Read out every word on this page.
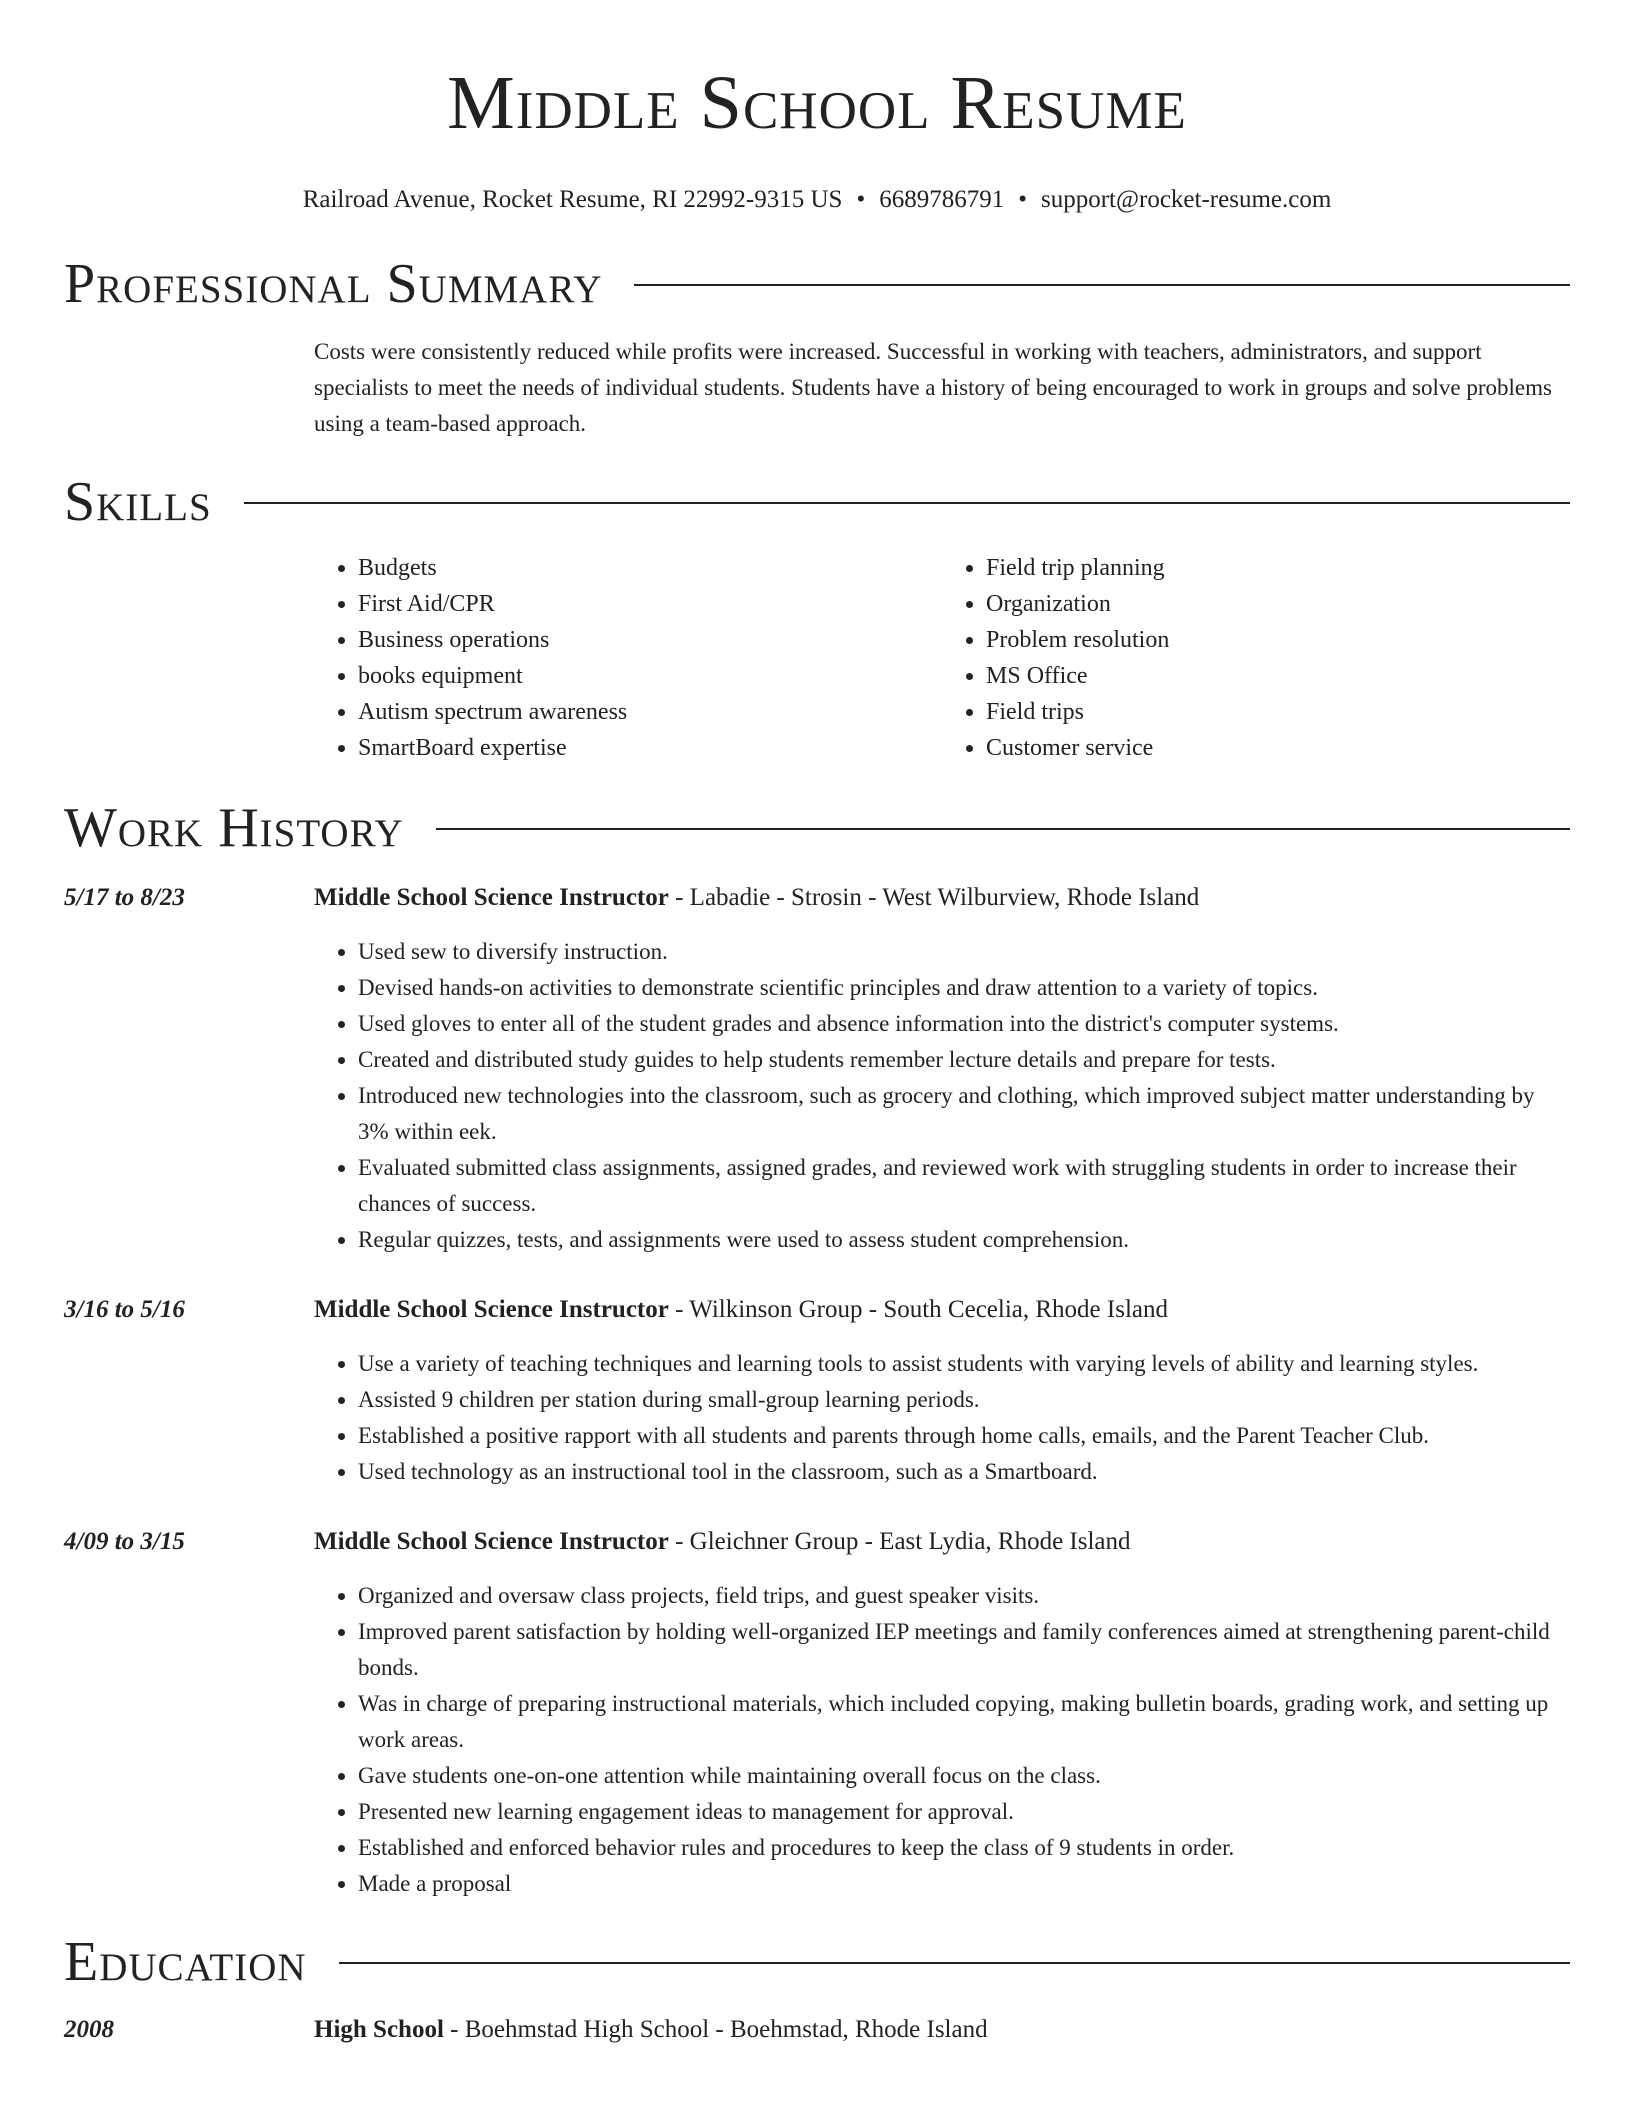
Middle School Resume
Railroad Avenue, Rocket Resume, RI 22992-9315 US • 6689786791 • support@rocket-resume.com
Professional Summary
Costs were consistently reduced while profits were increased. Successful in working with teachers, administrators, and support specialists to meet the needs of individual students. Students have a history of being encouraged to work in groups and solve problems using a team-based approach.
Skills
• Budgets
• First Aid/CPR
• Business operations
• books equipment
• Autism spectrum awareness
• SmartBoard expertise
• Field trip planning
• Organization
• Problem resolution
• MS Office
• Field trips
• Customer service
Work History
5/17 to 8/23	Middle School Science Instructor - Labadie - Strosin - West Wilburview, Rhode Island
• Used sew to diversify instruction.
• Devised hands-on activities to demonstrate scientific principles and draw attention to a variety of topics.
• Used gloves to enter all of the student grades and absence information into the district's computer systems.
• Created and distributed study guides to help students remember lecture details and prepare for tests.
• Introduced new technologies into the classroom, such as grocery and clothing, which improved subject matter understanding by 3% within eek.
• Evaluated submitted class assignments, assigned grades, and reviewed work with struggling students in order to increase their chances of success.
• Regular quizzes, tests, and assignments were used to assess student comprehension.
3/16 to 5/16	Middle School Science Instructor - Wilkinson Group - South Cecelia, Rhode Island
• Use a variety of teaching techniques and learning tools to assist students with varying levels of ability and learning styles.
• Assisted 9 children per station during small-group learning periods.
• Established a positive rapport with all students and parents through home calls, emails, and the Parent Teacher Club.
• Used technology as an instructional tool in the classroom, such as a Smartboard.
4/09 to 3/15	Middle School Science Instructor - Gleichner Group - East Lydia, Rhode Island
• Organized and oversaw class projects, field trips, and guest speaker visits.
• Improved parent satisfaction by holding well-organized IEP meetings and family conferences aimed at strengthening parent-child bonds.
• Was in charge of preparing instructional materials, which included copying, making bulletin boards, grading work, and setting up work areas.
• Gave students one-on-one attention while maintaining overall focus on the class.
• Presented new learning engagement ideas to management for approval.
• Established and enforced behavior rules and procedures to keep the class of 9 students in order.
• Made a proposal
Education
2008	High School - Boehmstad High School - Boehmstad, Rhode Island
